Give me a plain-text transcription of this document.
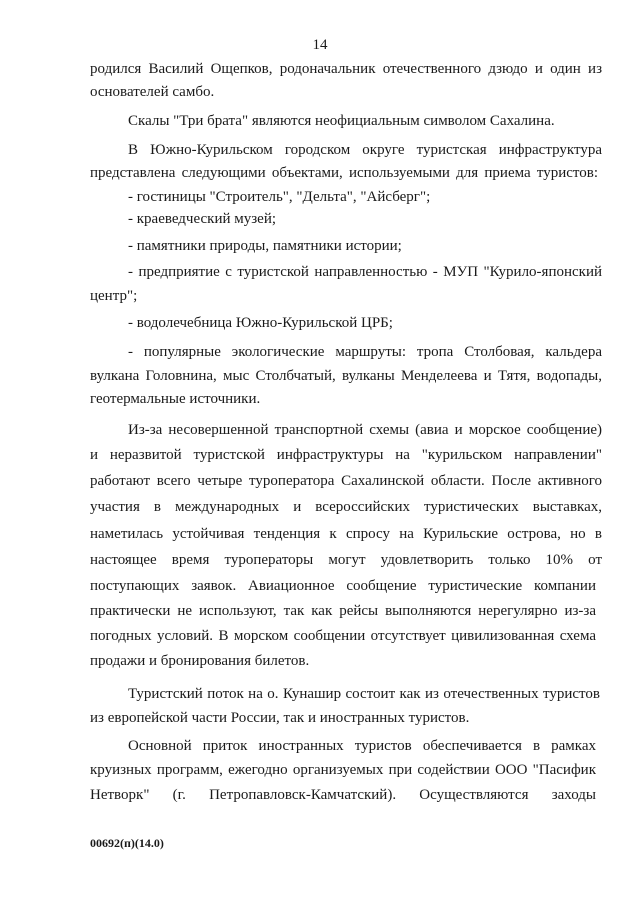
14
родился Василий Ощепков, родоначальник отечественного дзюдо и один из
основателей самбо.
Скалы "Три брата" являются неофициальным символом Сахалина.
В Южно-Курильском городском округе туристская инфраструктура
представлена следующими объектами, используемыми для приема туристов:
- гостиницы "Строитель", "Дельта", "Айсберг";
- краеведческий музей;
- памятники природы, памятники истории;
- предприятие с туристской направленностью - МУП "Курило-японский
центр";
- водолечебница Южно-Курильской ЦРБ;
- популярные экологические маршруты: тропа Столбовая, кальдера
вулкана Головнина, мыс Столбчатый, вулканы Менделеева и Тятя, водопады,
геотермальные источники.
Из-за несовершенной транспортной схемы (авиа и морское сообщение)
и неразвитой туристской инфраструктуры на "курильском направлении"
работают всего четыре туроператора Сахалинской области. После активного
участия в международных и всероссийских туристических выставках,
наметилась устойчивая тенденция к спросу на Курильские острова, но в
настоящее время туроператоры могут удовлетворить только 10% от
поступающих заявок. Авиационное сообщение туристические компании
практически не используют, так как рейсы выполняются нерегулярно из-за
погодных условий. В морском сообщении отсутствует цивилизованная схема
продажи и бронирования билетов.
Туристский поток на о. Кунашир состоит как из отечественных туристов
из европейской части России, так и иностранных туристов.
Основной приток иностранных туристов обеспечивается в рамках
круизных программ, ежегодно организуемых при содействии ООО "Пасифик
Нетворк" (г. Петропавловск-Камчатский). Осуществляются заходы
00692(п)(14.0)
